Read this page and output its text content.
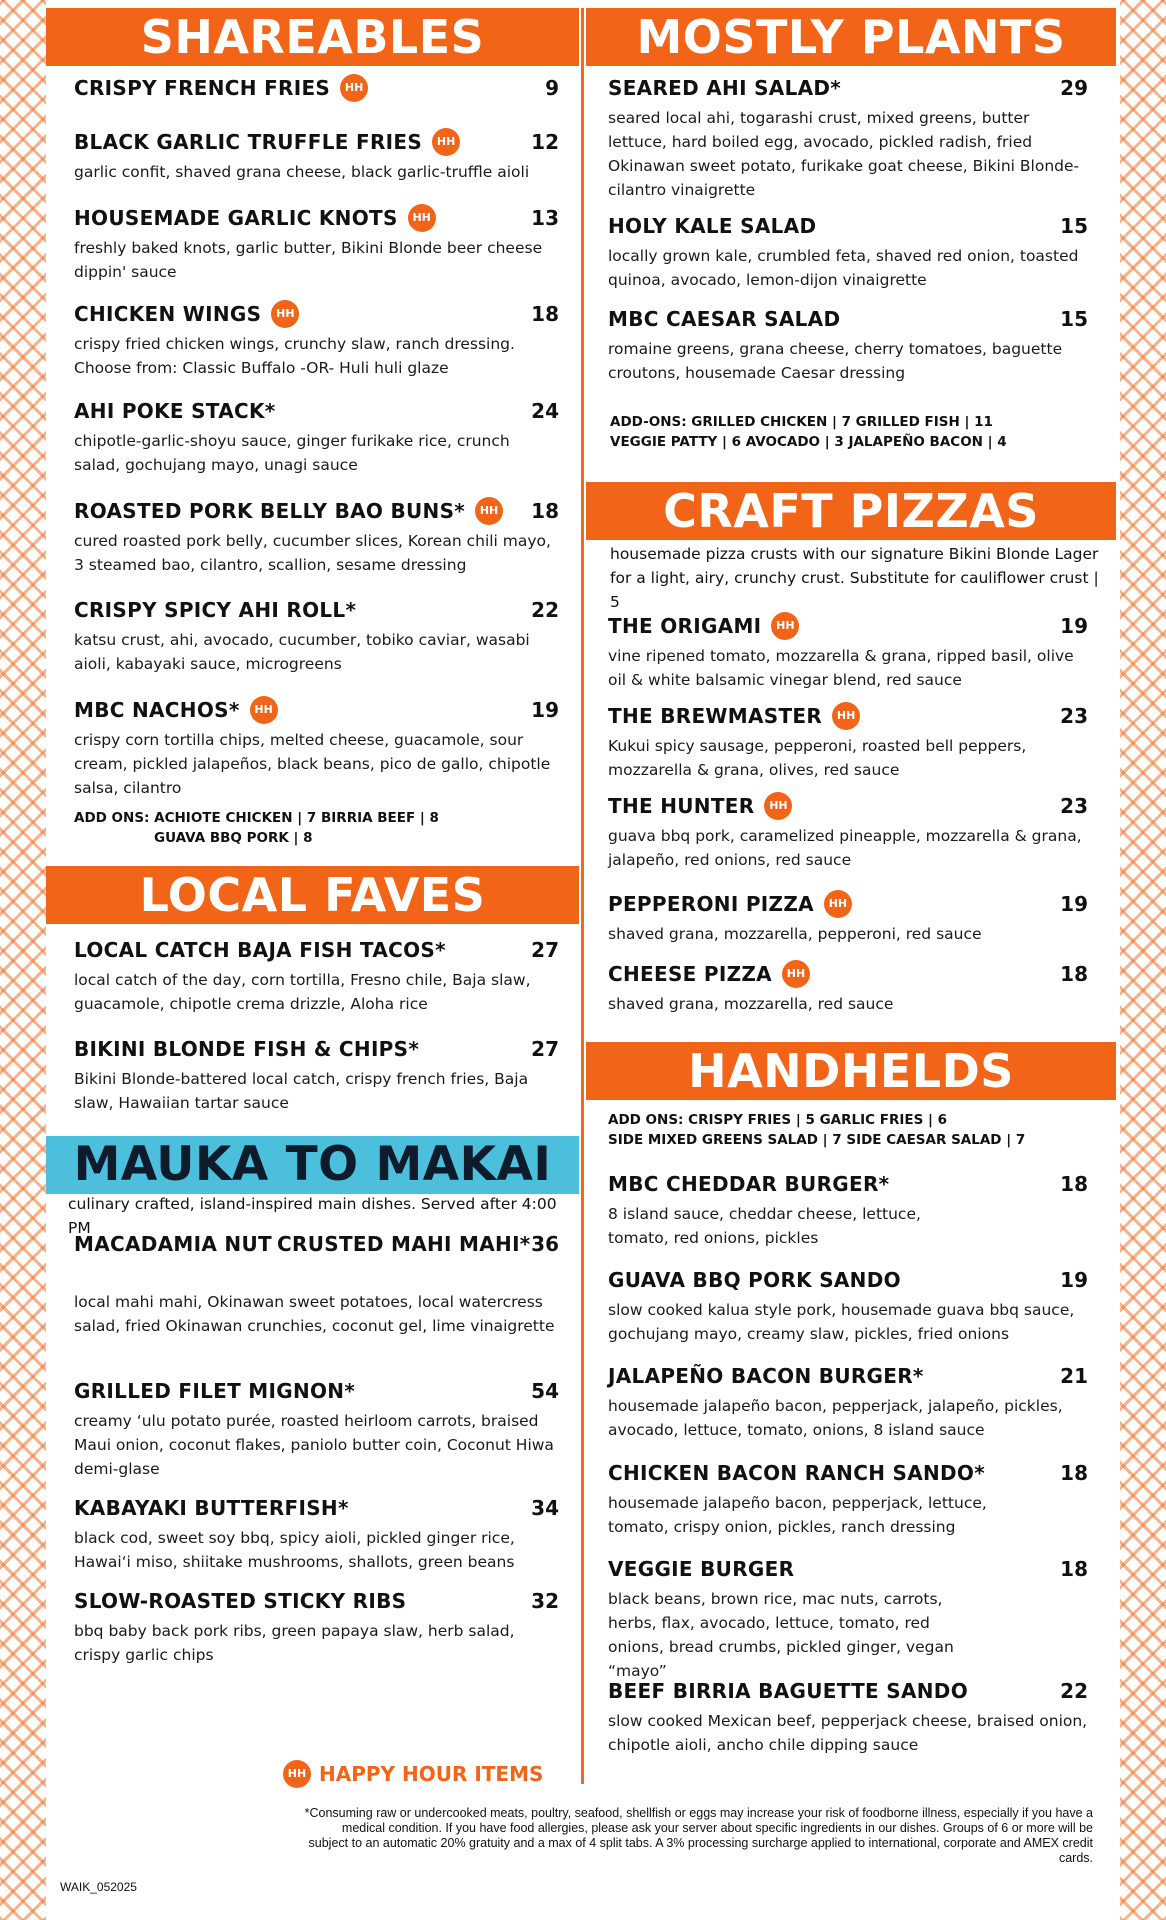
SHAREABLES
CRISPY FRENCH FRIES HH	9
BLACK GARLIC TRUFFLE FRIES HH	12
garlic confit, shaved grana cheese, black garlic-truffle aioli
HOUSEMADE GARLIC KNOTS HH	13
freshly baked knots, garlic butter, Bikini Blonde beer cheese dippin' sauce
CHICKEN WINGS HH	18
crispy fried chicken wings, crunchy slaw, ranch dressing. Choose from: Classic Buffalo -OR- Huli huli glaze
AHI POKE STACK*	24
chipotle-garlic-shoyu sauce, ginger furikake rice, crunch salad, gochujang mayo, unagi sauce
ROASTED PORK BELLY BAO BUNS* HH 18
cured roasted pork belly, cucumber slices, Korean chili mayo, 3 steamed bao, cilantro, scallion, sesame dressing
CRISPY SPICY AHI ROLL*	22
katsu crust, ahi, avocado, cucumber, tobiko caviar, wasabi aioli, kabayaki sauce, microgreens
MBC NACHOS* HH	19
crispy corn tortilla chips, melted cheese, guacamole, sour cream, pickled jalapeños, black beans, pico de gallo, chipotle salsa, cilantro
ADD ONS: ACHIOTE CHICKEN | 7 BIRRIA BEEF | 8
GUAVA BBQ PORK | 8
LOCAL FAVES
LOCAL CATCH BAJA FISH TACOS*	27
local catch of the day, corn tortilla, Fresno chile, Baja slaw, guacamole, chipotle crema drizzle, Aloha rice
BIKINI BLONDE FISH & CHIPS*	27
Bikini Blonde-battered local catch, crispy french fries, Baja slaw, Hawaiian tartar sauce
MAUKA TO MAKAI
culinary crafted, island-inspired main dishes. Served after 4:00 PM
MACADAMIA NUT CRUSTED MAHI MAHI* 36
local mahi mahi, Okinawan sweet potatoes, local watercress salad, fried Okinawan crunchies, coconut gel, lime vinaigrette
GRILLED FILET MIGNON*	54
creamy ‘ulu potato purée, roasted heirloom carrots, braised Maui onion, coconut flakes, paniolo butter coin, Coconut Hiwa demi-glase
KABAYAKI BUTTERFISH*	34
black cod, sweet soy bbq, spicy aioli, pickled ginger rice, Hawai‘i miso, shiitake mushrooms, shallots, green beans
SLOW-ROASTED STICKY RIBS	32
bbq baby back pork ribs, green papaya slaw, herb salad, crispy garlic chips
MOSTLY PLANTS
SEARED AHI SALAD*	29
seared local ahi, togarashi crust, mixed greens, butter lettuce, hard boiled egg, avocado, pickled radish, fried Okinawan sweet potato, furikake goat cheese, Bikini Blonde-cilantro vinaigrette
HOLY KALE SALAD	15
locally grown kale, crumbled feta, shaved red onion, toasted quinoa, avocado, lemon-dijon vinaigrette
MBC CAESAR SALAD	15
romaine greens, grana cheese, cherry tomatoes, baguette croutons, housemade Caesar dressing
ADD-ONS: GRILLED CHICKEN | 7 GRILLED FISH | 11
VEGGIE PATTY | 6 AVOCADO | 3 JALAPEÑO BACON | 4
CRAFT PIZZAS
housemade pizza crusts with our signature Bikini Blonde Lager for a light, airy, crunchy crust. Substitute for cauliflower crust | 5
THE ORIGAMI HH	19
vine ripened tomato, mozzarella & grana, ripped basil, olive oil & white balsamic vinegar blend, red sauce
THE BREWMASTER HH	23
Kukui spicy sausage, pepperoni, roasted bell peppers, mozzarella & grana, olives, red sauce
THE HUNTER HH	23
guava bbq pork, caramelized pineapple, mozzarella & grana, jalapeño, red onions, red sauce
PEPPERONI PIZZA HH	19
shaved grana, mozzarella, pepperoni, red sauce
CHEESE PIZZA HH	18
shaved grana, mozzarella, red sauce
HANDHELDS
ADD ONS: CRISPY FRIES | 5 GARLIC FRIES | 6
SIDE MIXED GREENS SALAD | 7 SIDE CAESAR SALAD | 7
MBC CHEDDAR BURGER*	18
8 island sauce, cheddar cheese, lettuce, tomato, red onions, pickles
GUAVA BBQ PORK SANDO	19
slow cooked kalua style pork, housemade guava bbq sauce, gochujang mayo, creamy slaw, pickles, fried onions
JALAPEÑO BACON BURGER*	21
housemade jalapeño bacon, pepperjack, jalapeño, pickles, avocado, lettuce, tomato, onions, 8 island sauce
CHICKEN BACON RANCH SANDO*	18
housemade jalapeño bacon, pepperjack, lettuce, tomato, crispy onion, pickles, ranch dressing
VEGGIE BURGER	18
black beans, brown rice, mac nuts, carrots, herbs, flax, avocado, lettuce, tomato, red onions, bread crumbs, pickled ginger, vegan “mayo”
BEEF BIRRIA BAGUETTE SANDO	22
slow cooked Mexican beef, pepperjack cheese, braised onion, chipotle aioli, ancho chile dipping sauce
HH HAPPY HOUR ITEMS
*Consuming raw or undercooked meats, poultry, seafood, shellfish or eggs may increase your risk of foodborne illness, especially if you have a medical condition. If you have food allergies, please ask your server about specific ingredients in our dishes. Groups of 6 or more will be subject to an automatic 20% gratuity and a max of 4 split tabs. A 3% processing surcharge applied to international, corporate and AMEX credit cards.
WAIK_052025
